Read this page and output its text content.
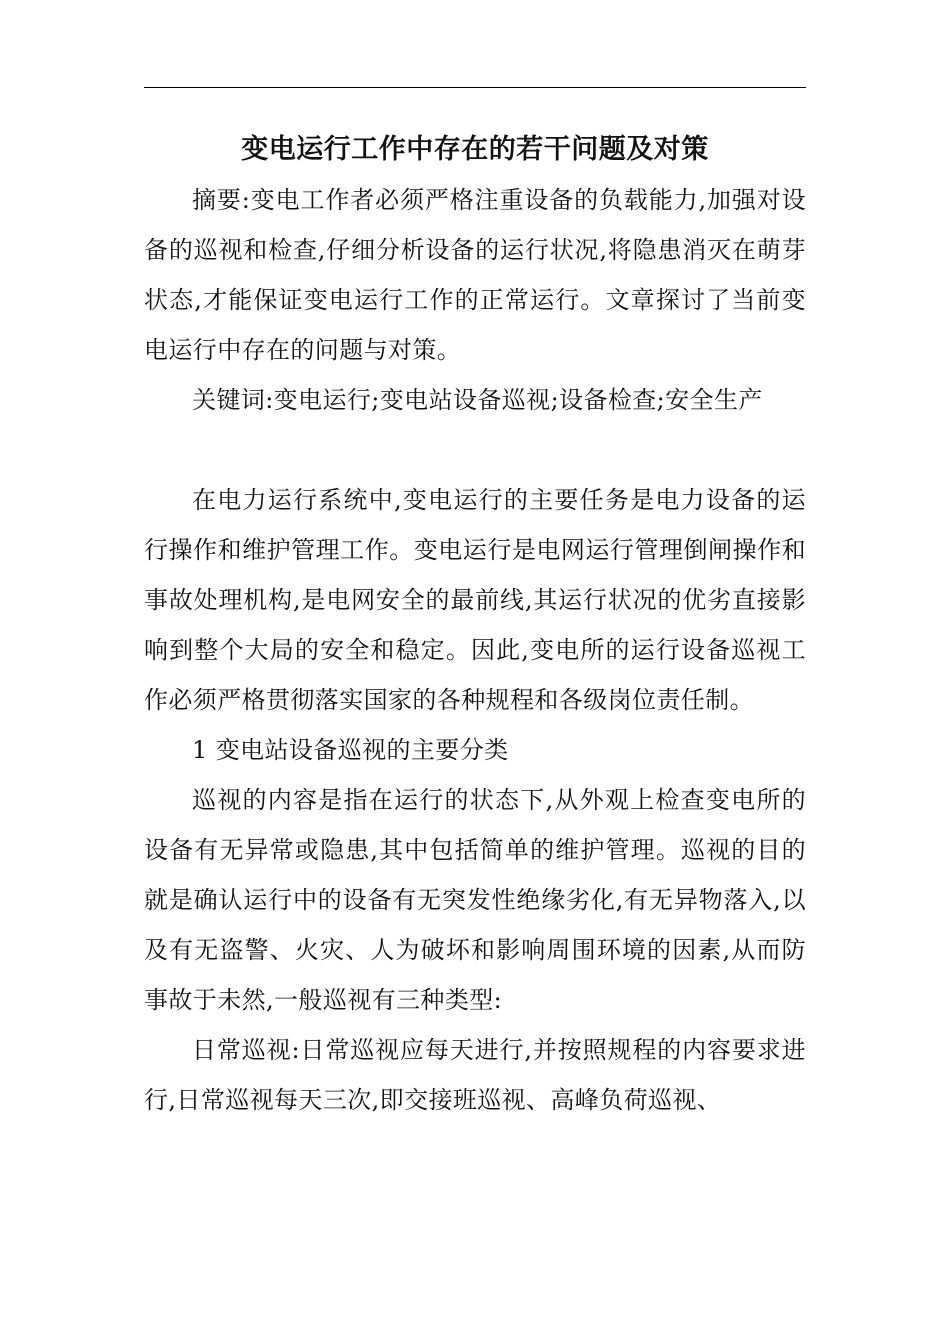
变电运行工作中存在的若干问题及对策

摘要:变电工作者必须严格注重设备的负载能力,加强对设备的巡视和检查,仔细分析设备的运行状况,将隐患消灭在萌芽状态,才能保证变电运行工作的正常运行。文章探讨了当前变电运行中存在的问题与对策。

关键词:变电运行;变电站设备巡视;设备检查;安全生产

在电力运行系统中,变电运行的主要任务是电力设备的运行操作和维护管理工作。变电运行是电网运行管理倒闸操作和事故处理机构,是电网安全的最前线,其运行状况的优劣直接影响到整个大局的安全和稳定。因此,变电所的运行设备巡视工作必须严格贯彻落实国家的各种规程和各级岗位责任制。

1 变电站设备巡视的主要分类

巡视的内容是指在运行的状态下,从外观上检查变电所的设备有无异常或隐患,其中包括简单的维护管理。巡视的目的就是确认运行中的设备有无突发性绝缘劣化,有无异物落入,以及有无盗警、火灾、人为破坏和影响周围环境的因素,从而防事故于未然,一般巡视有三种类型:

日常巡视:日常巡视应每天进行,并按照规程的内容要求进行,日常巡视每天三次,即交接班巡视、高峰负荷巡视、
